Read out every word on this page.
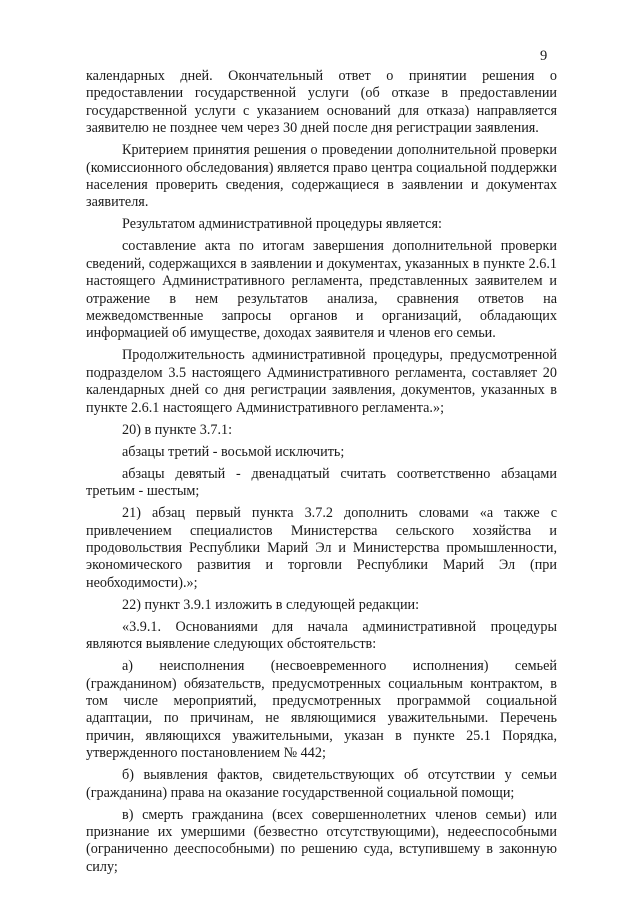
9

календарных дней. Окончательный ответ о принятии решения о предоставлении государственной услуги (об отказе в предоставлении государственной услуги с указанием оснований для отказа) направляется заявителю не позднее чем через 30 дней после дня регистрации заявления.

Критерием принятия решения о проведении дополнительной проверки (комиссионного обследования) является право центра социальной поддержки населения проверить сведения, содержащиеся в заявлении и документах заявителя.

Результатом административной процедуры является:

составление акта по итогам завершения дополнительной проверки сведений, содержащихся в заявлении и документах, указанных в пункте 2.6.1 настоящего Административного регламента, представленных заявителем и отражение в нем результатов анализа, сравнения ответов на межведомственные запросы органов и организаций, обладающих информацией об имуществе, доходах заявителя и членов его семьи.

Продолжительность административной процедуры, предусмотренной подразделом 3.5 настоящего Административного регламента, составляет 20 календарных дней со дня регистрации заявления, документов, указанных в пункте 2.6.1 настоящего Административного регламента.»;

20) в пункте 3.7.1:

абзацы третий - восьмой исключить;

абзацы девятый - двенадцатый считать соответственно абзацами третьим - шестым;

21) абзац первый пункта 3.7.2 дополнить словами «а также с привлечением специалистов Министерства сельского хозяйства и продовольствия Республики Марий Эл и Министерства промышленности, экономического развития и торговли Республики Марий Эл (при необходимости).»;

22) пункт 3.9.1 изложить в следующей редакции:

«3.9.1. Основаниями для начала административной процедуры являются выявление следующих обстоятельств:

а) неисполнения (несвоевременного исполнения) семьей (гражданином) обязательств, предусмотренных социальным контрактом, в том числе мероприятий, предусмотренных программой социальной адаптации, по причинам, не являющимися уважительными. Перечень причин, являющихся уважительными, указан в пункте 25.1 Порядка, утвержденного постановлением № 442;

б) выявления фактов, свидетельствующих об отсутствии у семьи (гражданина) права на оказание государственной социальной помощи;

в) смерть гражданина (всех совершеннолетних членов семьи) или признание их умершими (безвестно отсутствующими), недееспособными (ограниченно дееспособными) по решению суда, вступившему в законную силу;
